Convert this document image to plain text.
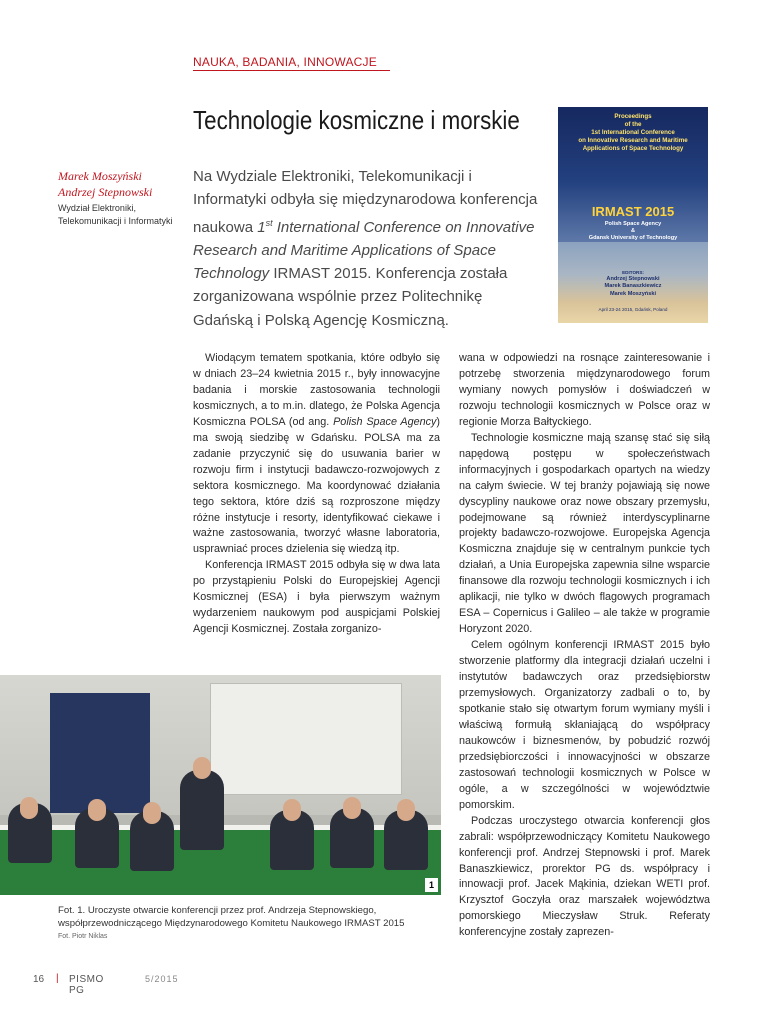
NAUKA, BADANIA, INNOWACJE
Technologie kosmiczne i morskie
Marek Moszyński
Andrzej Stepnowski
Wydział Elektroniki, Telekomunikacji i Informatyki
Na Wydziale Elektroniki, Telekomunikacji i Informatyki odbyła się międzynarodowa konferencja naukowa 1st International Conference on Innovative Research and Maritime Applications of Space Technology IRMAST 2015. Konferencja została zorganizowana wspólnie przez Politechnikę Gdańską i Polską Agencję Kosmiczną.
Proceedings
of the
1st International Conference
on Innovative Research and Maritime
Applications of Space Technology
IRMAST 2015
Polish Space Agency
&
Gdansk University of Technology
EDITORS:
Andrzej Stepnowski
Marek Banaszkiewicz
Marek Moszyński
April 23-24 2015, Gdańsk, Poland

Wiodącym tematem spotkania, które odbyło się w dniach 23–24 kwietnia 2015 r., były innowacyjne badania i morskie zastosowania technologii kosmicznych, a to m.in. dlatego, że Polska Agencja Kosmiczna POLSA (od ang. Polish Space Agency) ma swoją siedzibę w Gdańsku. POLSA ma za zadanie przyczynić się do usuwania barier w rozwoju firm i instytucji badawczo-rozwojowych z sektora kosmicznego. Ma koordynować działania tego sektora, które dziś są rozproszone między różne instytucje i resorty, identyfikować ciekawe i ważne zastosowania, tworzyć własne laboratoria, usprawniać proces dzielenia się wiedzą itp.

Konferencja IRMAST 2015 odbyła się w dwa lata po przystąpieniu Polski do Europejskiej Agencji Kosmicznej (ESA) i była pierwszym ważnym wydarzeniem naukowym pod auspicjami Polskiej Agencji Kosmicznej. Została zorganizo-

wana w odpowiedzi na rosnące zainteresowanie i potrzebę stworzenia międzynarodowego forum wymiany nowych pomysłów i doświadczeń w rozwoju technologii kosmicznych w Polsce oraz w regionie Morza Bałtyckiego.

Technologie kosmiczne mają szansę stać się siłą napędową postępu w społeczeństwach informacyjnych i gospodarkach opartych na wiedzy na całym świecie. W tej branży pojawiają się nowe dyscypliny naukowe oraz nowe obszary przemysłu, podejmowane są również interdyscyplinarne projekty badawczo-rozwojowe. Europejska Agencja Kosmiczna znajduje się w centralnym punkcie tych działań, a Unia Europejska zapewnia silne wsparcie finansowe dla rozwoju technologii kosmicznych i ich aplikacji, nie tylko w dwóch flagowych programach ESA – Copernicus i Galileo – ale także w programie Horyzont 2020.

Celem ogólnym konferencji IRMAST 2015 było stworzenie platformy dla integracji działań uczelni i instytutów badawczych oraz przedsiębiorstw przemysłowych. Organizatorzy zadbali o to, by spotkanie stało się otwartym forum wymiany myśli i właściwą formułą skłaniającą do współpracy naukowców i biznesmenów, by pobudzić rozwój przedsiębiorczości i innowacyjności w obszarze zastosowań technologii kosmicznych w Polsce w ogóle, a w szczególności w województwie pomorskim.

Podczas uroczystego otwarcia konferencji głos zabrali: współprzewodniczący Komitetu Naukowego konferencji prof. Andrzej Stepnowski i prof. Marek Banaszkiewicz, prorektor PG ds. współpracy i innowacji prof. Jacek Mąkinia, dziekan WETI prof. Krzysztof Goczyła oraz marszałek województwa pomorskiego Mieczysław Struk. Referaty konferencyjne zostały zaprezen-

1
Fot. 1. Uroczyste otwarcie konferencji przez prof. Andrzeja Stepnowskiego, współprzewodniczącego Międzynarodowego Komitetu Naukowego IRMAST 2015
Fot. Piotr Niklas
16 | PISMO PG
5/2015
